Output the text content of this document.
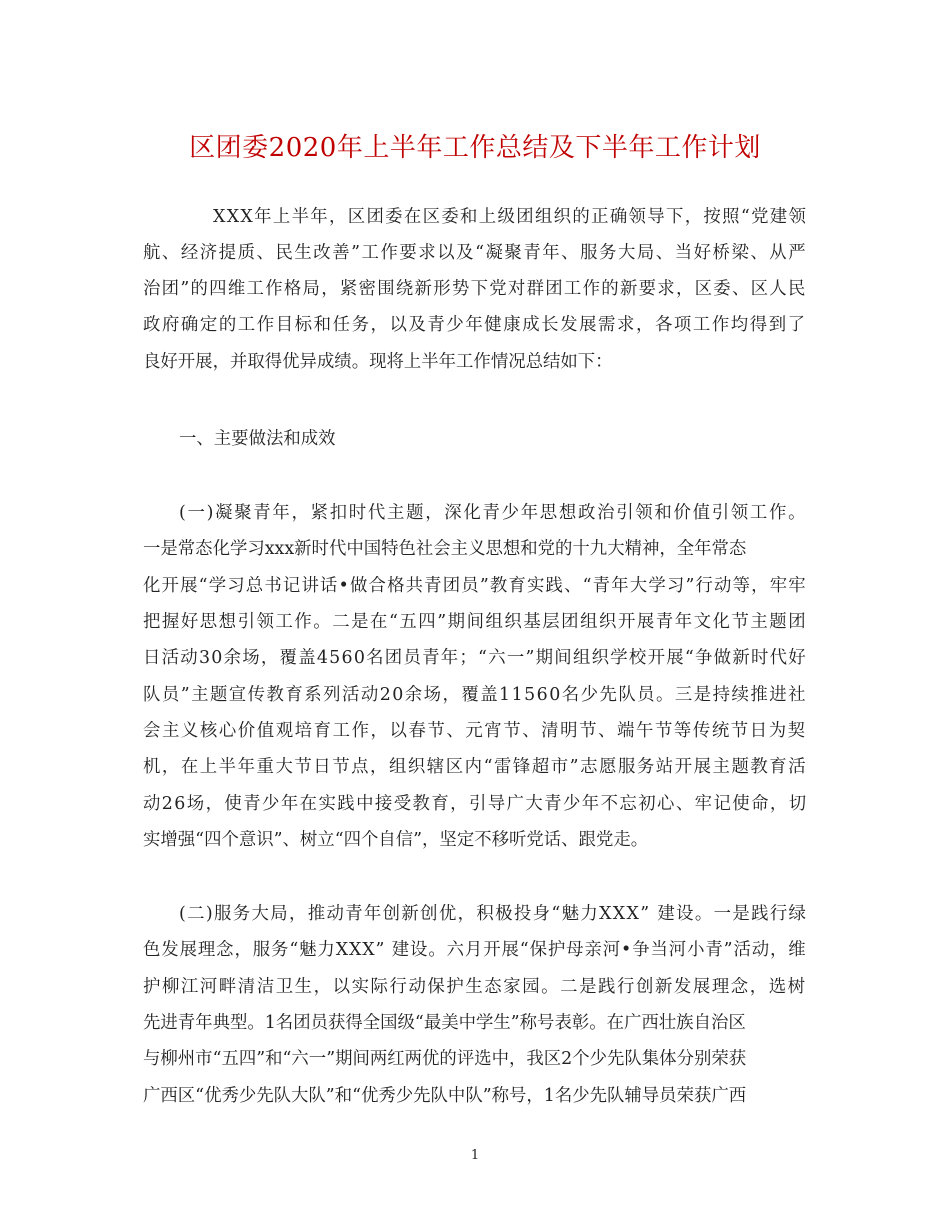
区团委2020年上半年工作总结及下半年工作计划
XXX年上半年，区团委在区委和上级团组织的正确领导下，按照“党建领
航、经济提质、民生改善”工作要求以及“凝聚青年、服务大局、当好桥梁、从严
治团”的四维工作格局，紧密围绕新形势下党对群团工作的新要求，区委、区人民
政府确定的工作目标和任务，以及青少年健康成长发展需求，各项工作均得到了
良好开展，并取得优异成绩。现将上半年工作情况总结如下：
一、主要做法和成效
(一)凝聚青年，紧扣时代主题，深化青少年思想政治引领和价值引领工作。
一是常态化学习xxx新时代中国特色社会主义思想和党的十九大精神，全年常态
化开展“学习总书记讲话•做合格共青团员”教育实践、“青年大学习”行动等，牢牢
把握好思想引领工作。二是在“五四”期间组织基层团组织开展青年文化节主题团
日活动30余场，覆盖4560名团员青年；“六一”期间组织学校开展“争做新时代好
队员”主题宣传教育系列活动20余场，覆盖11560名少先队员。三是持续推进社
会主义核心价值观培育工作，以春节、元宵节、清明节、端午节等传统节日为契
机，在上半年重大节日节点，组织辖区内“雷锋超市”志愿服务站开展主题教育活
动26场，使青少年在实践中接受教育，引导广大青少年不忘初心、牢记使命，切
实增强“四个意识”、树立“四个自信”，坚定不移听党话、跟党走。
(二)服务大局，推动青年创新创优，积极投身“魅力XXX” 建设。一是践行绿
色发展理念，服务“魅力XXX” 建设。六月开展“保护母亲河•争当河小青”活动，维
护柳江河畔清洁卫生，以实际行动保护生态家园。二是践行创新发展理念，选树
先进青年典型。1名团员获得全国级“最美中学生”称号表彰。在广西壮族自治区
与柳州市“五四”和“六一”期间两红两优的评选中，我区2个少先队集体分别荣获
广西区“优秀少先队大队”和“优秀少先队中队”称号，1名少先队辅导员荣获广西
1
